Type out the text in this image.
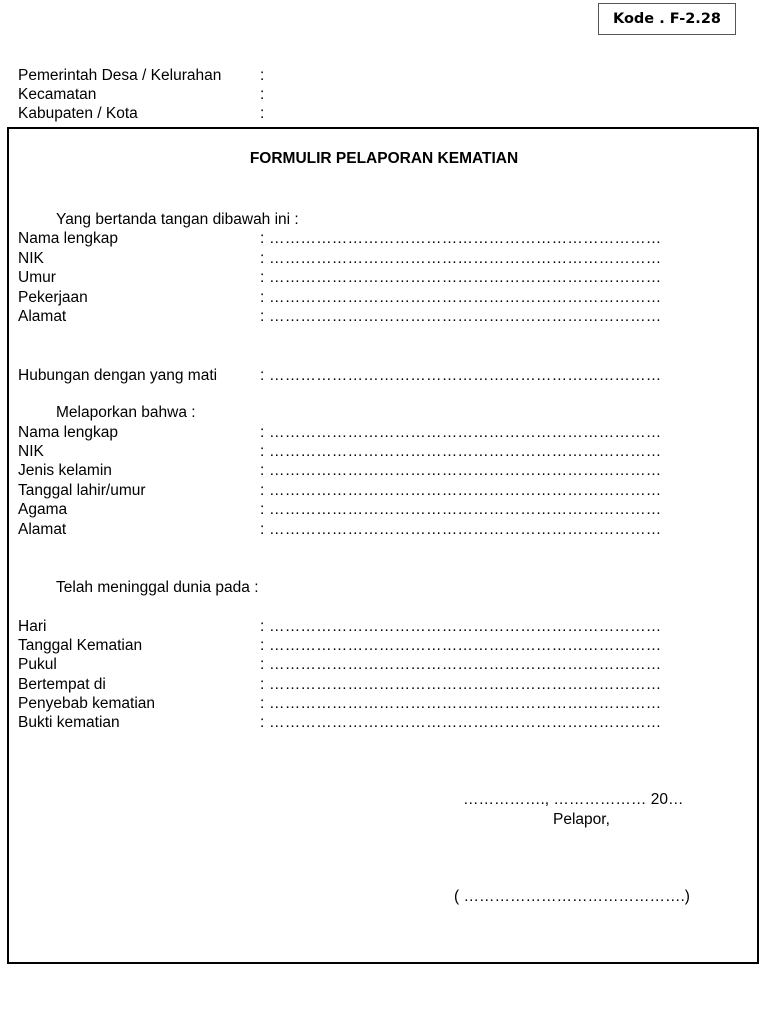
Kode . F-2.28
Pemerintah Desa / Kelurahan :
Kecamatan	:
Kabupaten / Kota	:
FORMULIR PELAPORAN KEMATIAN
Yang bertanda tangan dibawah ini :
Nama lengkap	: …………………………………………………………………
NIK	: …………………………………………………………………
Umur	: …………………………………………………………………
Pekerjaan	: …………………………………………………………………
Alamat	: …………………………………………………………………
Hubungan dengan yang mati	: …………………………………………………………………
Melaporkan bahwa :
Nama lengkap	: …………………………………………………………………
NIK	: …………………………………………………………………
Jenis kelamin	: …………………………………………………………………
Tanggal lahir/umur	: …………………………………………………………………
Agama	: …………………………………………………………………
Alamat	: …………………………………………………………………
Telah meninggal dunia pada :
Hari	: …………………………………………………………………
Tanggal Kematian	: …………………………………………………………………
Pukul	: …………………………………………………………………
Bertempat di	: …………………………………………………………………
Penyebab kematian	: …………………………………………………………………
Bukti kematian	: …………………………………………………………………
……………., ……………… 20…
Pelapor,
( …………………………………….)
